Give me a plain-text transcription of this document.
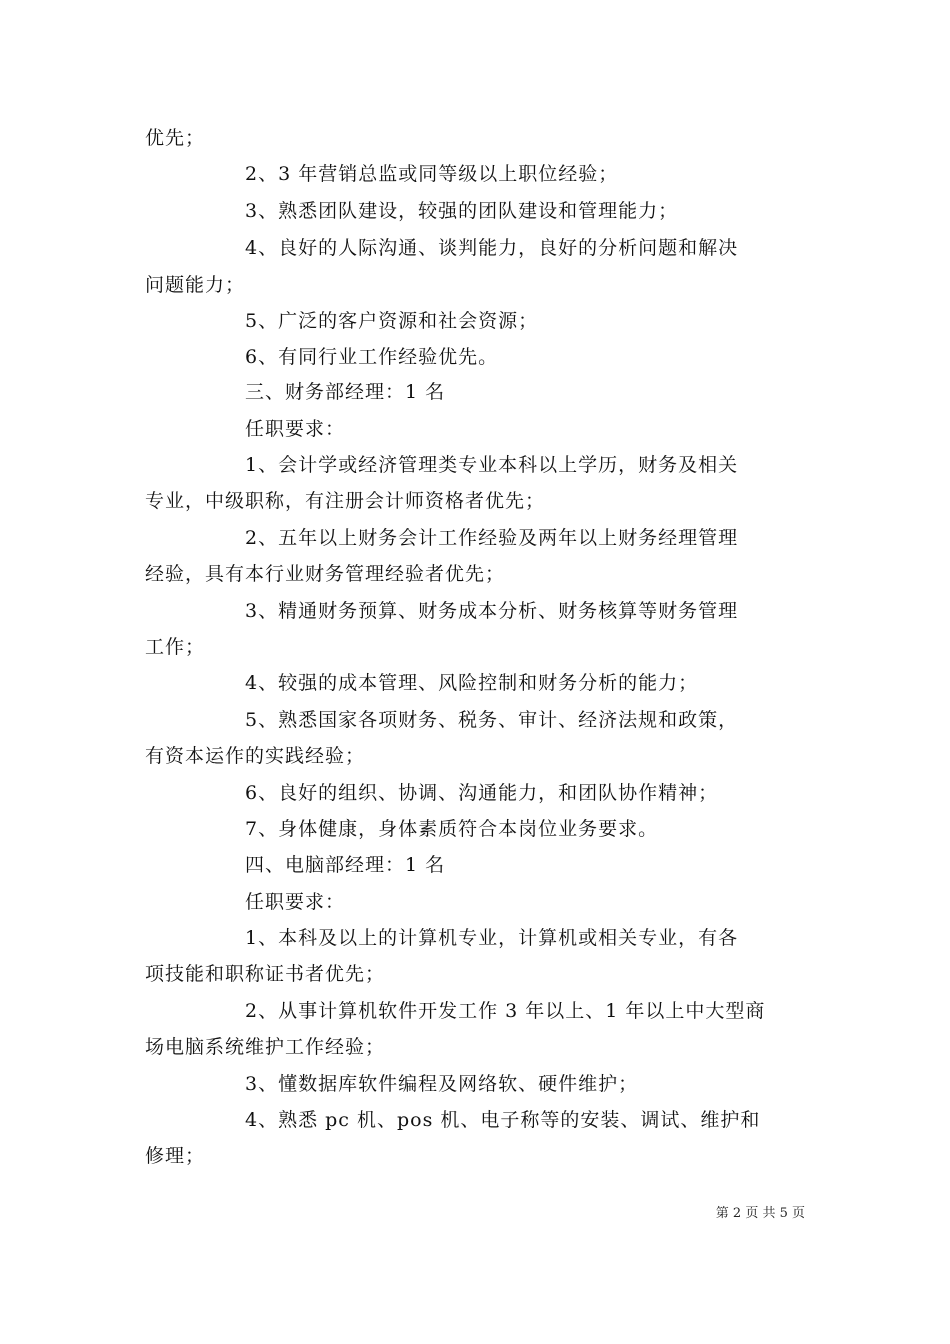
优先；
2、3 年营销总监或同等级以上职位经验；
3、熟悉团队建设，较强的团队建设和管理能力；
4、良好的人际沟通、谈判能力，良好的分析问题和解决
问题能力；
5、广泛的客户资源和社会资源；
6、有同行业工作经验优先。
三、财务部经理：1 名
任职要求：
1、会计学或经济管理类专业本科以上学历，财务及相关
专业，中级职称，有注册会计师资格者优先；
2、五年以上财务会计工作经验及两年以上财务经理管理
经验，具有本行业财务管理经验者优先；
3、精通财务预算、财务成本分析、财务核算等财务管理
工作；
4、较强的成本管理、风险控制和财务分析的能力；
5、熟悉国家各项财务、税务、审计、经济法规和政策，
有资本运作的实践经验；
6、良好的组织、协调、沟通能力，和团队协作精神；
7、身体健康，身体素质符合本岗位业务要求。
四、电脑部经理：1 名
任职要求：
1、本科及以上的计算机专业，计算机或相关专业，有各
项技能和职称证书者优先；
2、从事计算机软件开发工作 3 年以上、1 年以上中大型商
场电脑系统维护工作经验；
3、懂数据库软件编程及网络软、硬件维护；
4、熟悉 pc 机、pos 机、电子称等的安装、调试、维护和
修理；
第 2 页 共 5 页
